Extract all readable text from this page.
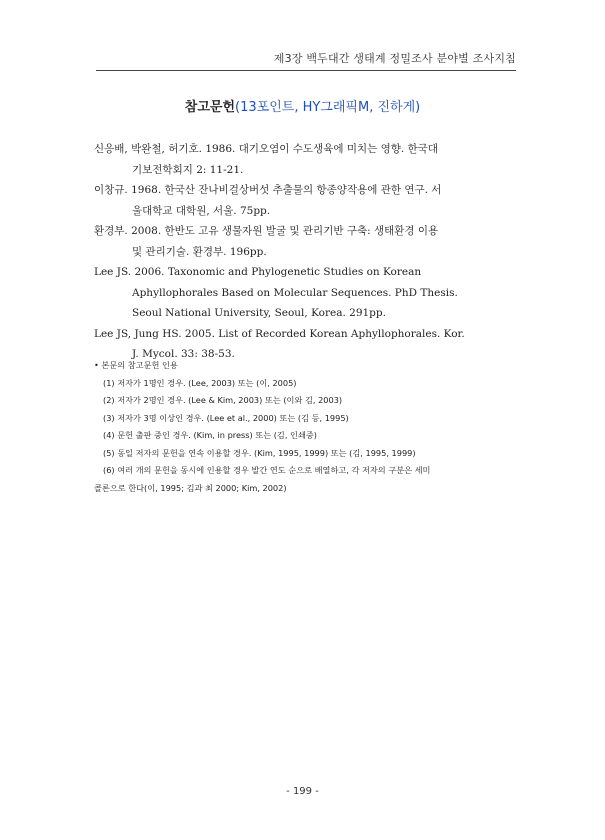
제3장 백두대간 생태계 정밀조사 분야별 조사지침
참고문헌(13포인트, HY그래픽M, 진하게)
신응배, 박완철, 허기호. 1986. 대기오염이 수도생육에 미치는 영향. 한국대
기보전학회지 2: 11-21.
이창규. 1968. 한국산 잔나비걸상버섯 추출물의 항종양작용에 관한 연구. 서
울대학교 대학원, 서울. 75pp.
환경부. 2008. 한반도 고유 생물자원 발굴 및 관리기반 구축: 생태환경 이용
및 관리기술. 환경부. 196pp.
Lee JS. 2006. Taxonomic and Phylogenetic Studies on Korean
Aphyllophorales Based on Molecular Sequences. PhD Thesis.
Seoul National University, Seoul, Korea. 291pp.
Lee JS, Jung HS. 2005. List of Recorded Korean Aphyllophorales. Kor.
J. Mycol. 33: 38-53.
• 본문의 참고문헌 인용
(1) 저자가 1명인 경우. (Lee, 2003) 또는 (이, 2005)
(2) 저자가 2명인 경우. (Lee & Kim, 2003) 또는 (이와 김, 2003)
(3) 저자가 3명 이상인 경우. (Lee et al., 2000) 또는 (김 등, 1995)
(4) 문헌 출판 중인 경우. (Kim, in press) 또는 (김, 인쇄중)
(5) 동일 저자의 문헌을 연속 이용할 경우. (Kim, 1995, 1999) 또는 (김, 1995, 1999)
(6) 여러 개의 문헌을 동시에 인용할 경우 발간 연도 순으로 배열하고, 각 저자의 구분은 세미
콜론으로 한다(이, 1995; 김과 최 2000; Kim, 2002)
- 199 -
